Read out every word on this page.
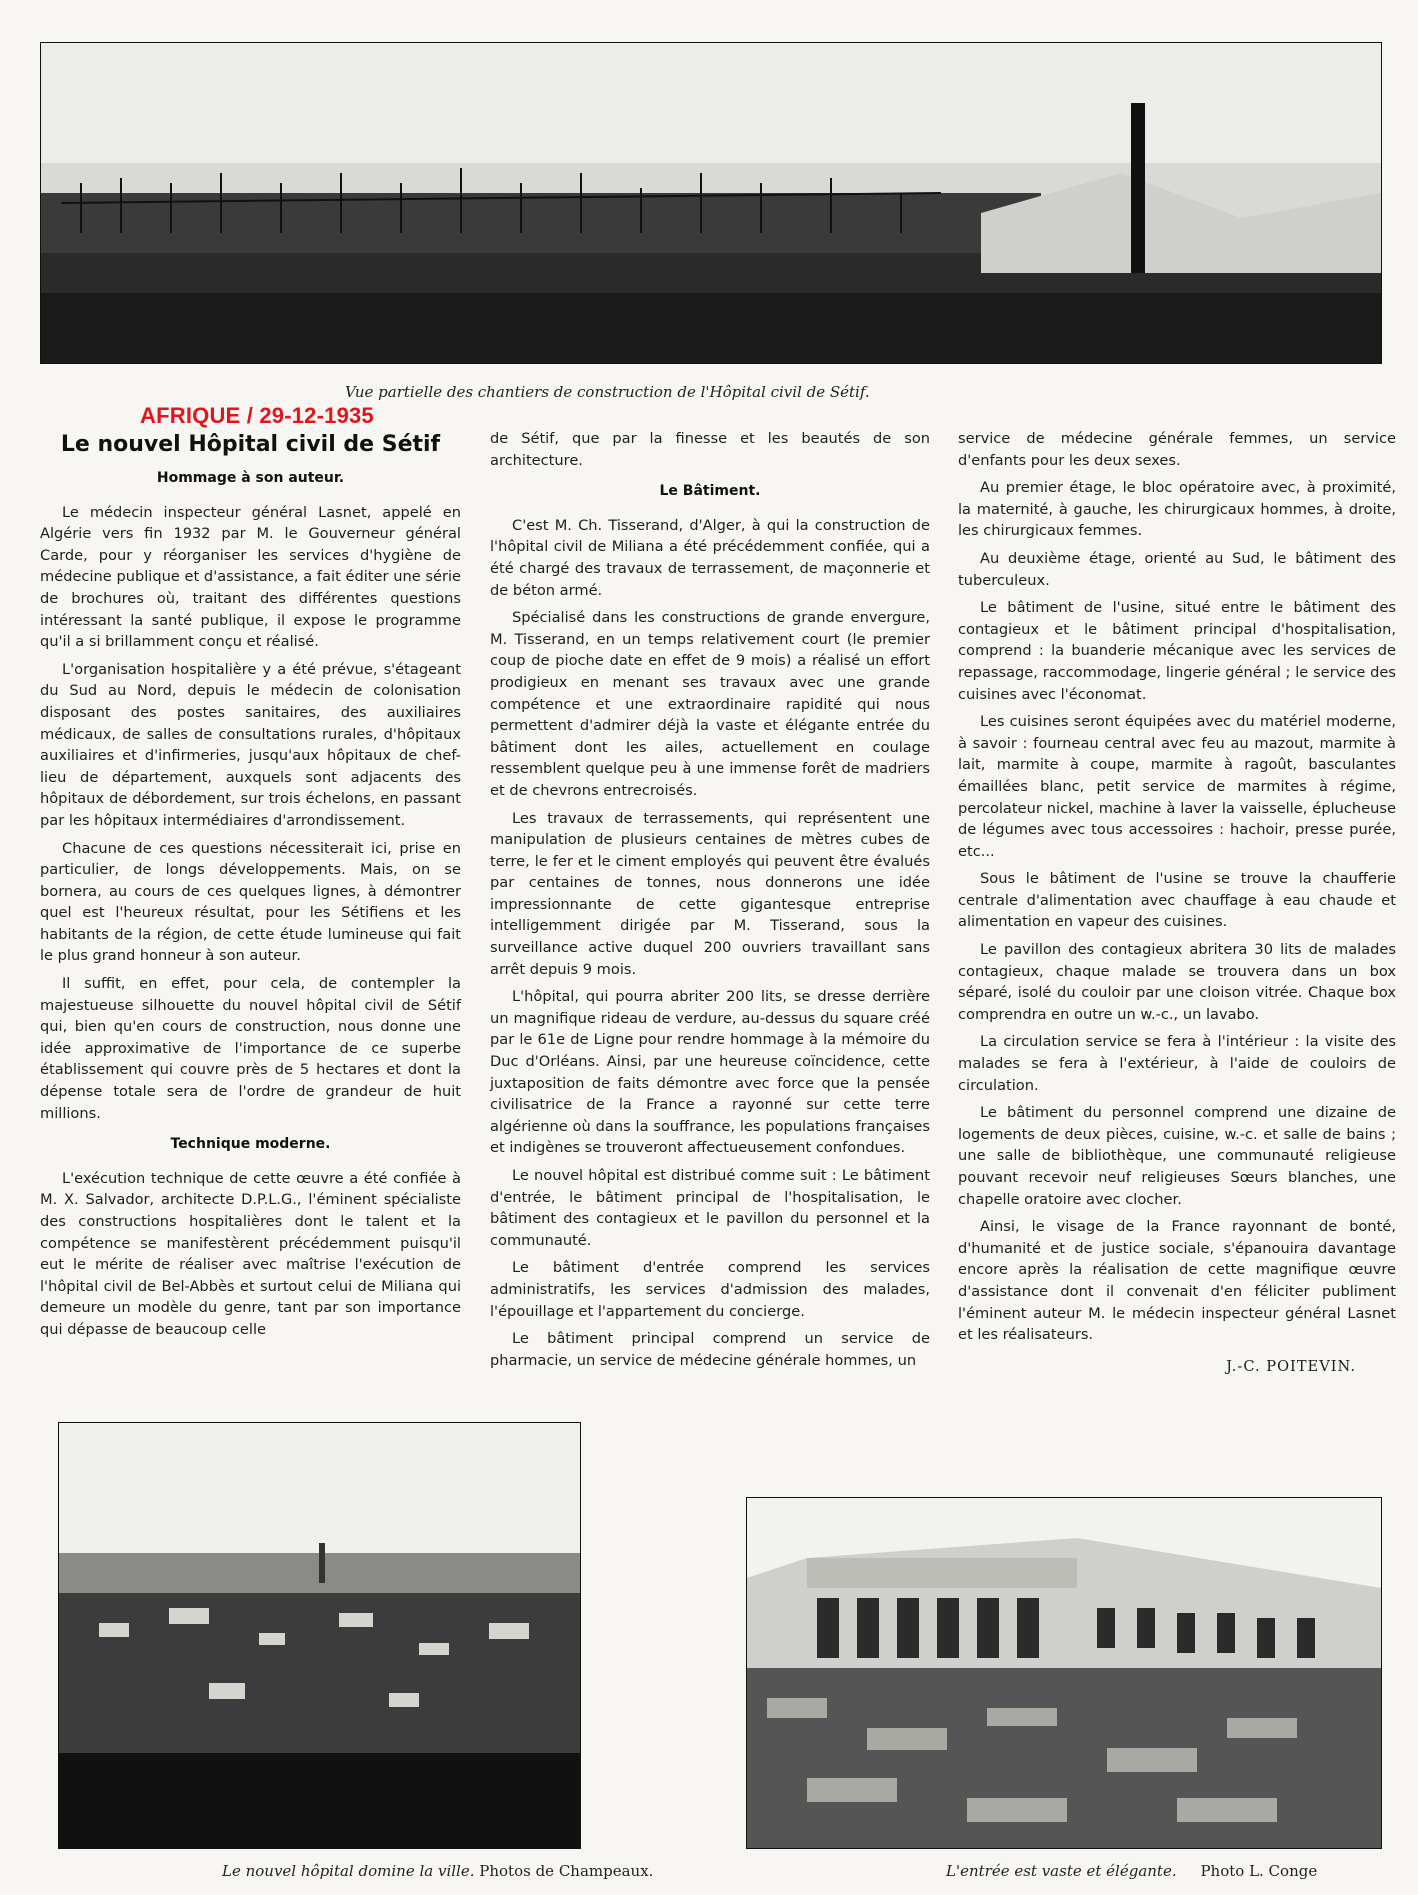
Vue partielle des chantiers de construction de l'Hôpital civil de Sétif.
AFRIQUE / 29-12-1935
Le nouvel Hôpital civil de Sétif
Hommage à son auteur.

Le médecin inspecteur général Lasnet, appelé en Algérie vers fin 1932 par M. le Gouverneur général Carde, pour y réorganiser les services d'hygiène de médecine publique et d'assistance, a fait éditer une série de brochures où, traitant des différentes questions intéressant la santé publique, il expose le programme qu'il a si brillamment conçu et réalisé.

L'organisation hospitalière y a été prévue, s'étageant du Sud au Nord, depuis le médecin de colonisation disposant des postes sanitaires, des auxiliaires médicaux, de salles de consultations rurales, d'hôpitaux auxiliaires et d'infirmeries, jusqu'aux hôpitaux de chef-lieu de département, auxquels sont adjacents des hôpitaux de débordement, sur trois échelons, en passant par les hôpitaux intermédiaires d'arrondissement.

Chacune de ces questions nécessiterait ici, prise en particulier, de longs développements. Mais, on se bornera, au cours de ces quelques lignes, à démontrer quel est l'heureux résultat, pour les Sétifiens et les habitants de la région, de cette étude lumineuse qui fait le plus grand honneur à son auteur.

Il suffit, en effet, pour cela, de contempler la majestueuse silhouette du nouvel hôpital civil de Sétif qui, bien qu'en cours de construction, nous donne une idée approximative de l'importance de ce superbe établissement qui couvre près de 5 hectares et dont la dépense totale sera de l'ordre de grandeur de huit millions.

Technique moderne.

L'exécution technique de cette œuvre a été confiée à M. X. Salvador, architecte D.P.L.G., l'éminent spécialiste des constructions hospitalières dont le talent et la compétence se manifestèrent précédemment puisqu'il eut le mérite de réaliser avec maîtrise l'exécution de l'hôpital civil de Bel-Abbès et surtout celui de Miliana qui demeure un modèle du genre, tant par son importance qui dépasse de beaucoup celle

de Sétif, que par la finesse et les beautés de son architecture.

Le Bâtiment.

C'est M. Ch. Tisserand, d'Alger, à qui la construction de l'hôpital civil de Miliana a été précédemment confiée, qui a été chargé des travaux de terrassement, de maçonnerie et de béton armé.

Spécialisé dans les constructions de grande envergure, M. Tisserand, en un temps relativement court (le premier coup de pioche date en effet de 9 mois) a réalisé un effort prodigieux en menant ses travaux avec une grande compétence et une extraordinaire rapidité qui nous permettent d'admirer déjà la vaste et élégante entrée du bâtiment dont les ailes, actuellement en coulage ressemblent quelque peu à une immense forêt de madriers et de chevrons entrecroisés.

Les travaux de terrassements, qui représentent une manipulation de plusieurs centaines de mètres cubes de terre, le fer et le ciment employés qui peuvent être évalués par centaines de tonnes, nous donnerons une idée impressionnante de cette gigantesque entreprise intelligemment dirigée par M. Tisserand, sous la surveillance active duquel 200 ouvriers travaillant sans arrêt depuis 9 mois.

L'hôpital, qui pourra abriter 200 lits, se dresse derrière un magnifique rideau de verdure, au-dessus du square créé par le 61e de Ligne pour rendre hommage à la mémoire du Duc d'Orléans. Ainsi, par une heureuse coïncidence, cette juxtaposition de faits démontre avec force que la pensée civilisatrice de la France a rayonné sur cette terre algérienne où dans la souffrance, les populations françaises et indigènes se trouveront affectueusement confondues.

Le nouvel hôpital est distribué comme suit : Le bâtiment d'entrée, le bâtiment principal de l'hospitalisation, le bâtiment des contagieux et le pavillon du personnel et la communauté.

Le bâtiment d'entrée comprend les services administratifs, les services d'admission des malades, l'épouillage et l'appartement du concierge.

Le bâtiment principal comprend un service de pharmacie, un service de médecine générale hommes, un

service de médecine générale femmes, un service d'enfants pour les deux sexes.

Au premier étage, le bloc opératoire avec, à proximité, la maternité, à gauche, les chirurgicaux hommes, à droite, les chirurgicaux femmes.

Au deuxième étage, orienté au Sud, le bâtiment des tuberculeux.

Le bâtiment de l'usine, situé entre le bâtiment des contagieux et le bâtiment principal d'hospitalisation, comprend : la buanderie mécanique avec les services de repassage, raccommodage, lingerie général ; le service des cuisines avec l'économat.

Les cuisines seront équipées avec du matériel moderne, à savoir : fourneau central avec feu au mazout, marmite à lait, marmite à coupe, marmite à ragoût, basculantes émaillées blanc, petit service de marmites à régime, percolateur nickel, machine à laver la vaisselle, éplucheuse de légumes avec tous accessoires : hachoir, presse purée, etc...

Sous le bâtiment de l'usine se trouve la chaufferie centrale d'alimentation avec chauffage à eau chaude et alimentation en vapeur des cuisines.

Le pavillon des contagieux abritera 30 lits de malades contagieux, chaque malade se trouvera dans un box séparé, isolé du couloir par une cloison vitrée. Chaque box comprendra en outre un w.-c., un lavabo.

La circulation service se fera à l'intérieur : la visite des malades se fera à l'extérieur, à l'aide de couloirs de circulation.

Le bâtiment du personnel comprend une dizaine de logements de deux pièces, cuisine, w.-c. et salle de bains ; une salle de bibliothèque, une communauté religieuse pouvant recevoir neuf religieuses Sœurs blanches, une chapelle oratoire avec clocher.

Ainsi, le visage de la France rayonnant de bonté, d'humanité et de justice sociale, s'épanouira davantage encore après la réalisation de cette magnifique œuvre d'assistance dont il convenait d'en féliciter publiment l'éminent auteur M. le médecin inspecteur général Lasnet et les réalisateurs.

J.-C. POITEVIN.

Le nouvel hôpital domine la ville. Photos de Champeaux.	L'entrée est vaste et élégante. Photo L. Conge
